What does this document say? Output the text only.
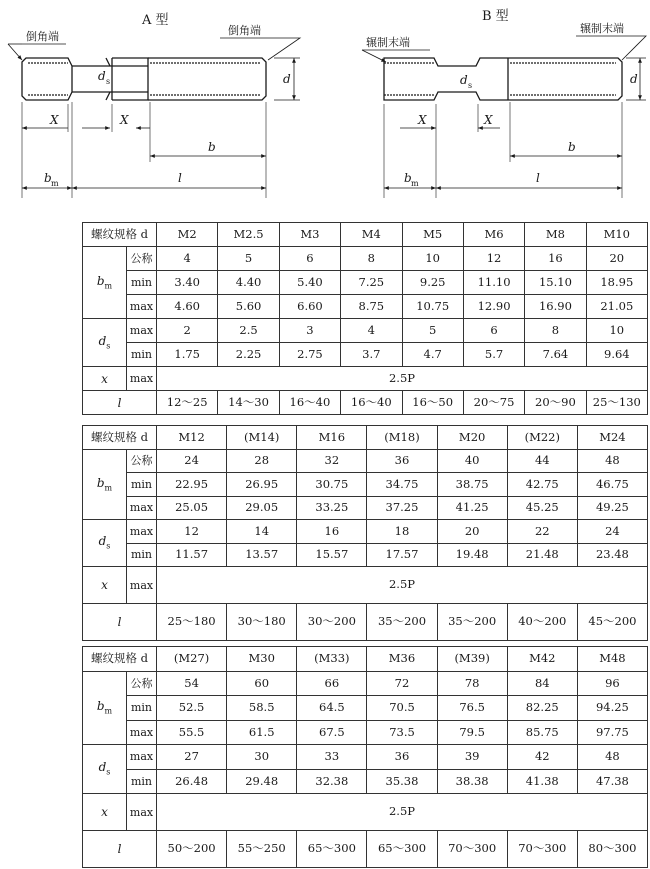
A 型
d
d s
倒角端	倒角端
X	X
b
b m	l
B 型
d
d s
辗制末端
辗制末端
X	X
b
b m	l
螺纹规格 d		M2	M2.5	M3	M4	M5	M6	M8	M10
$b_m$	公称	4	5	6	8	10	12	16	20
	min	3.40	4.40	5.40	7.25	9.25	11.10	15.10	18.95
	max	4.60	5.60	6.60	8.75	10.75	12.90	16.90	21.05
$d_s$	max	2	2.5	3	4	5	6	8	10
	min	1.75	2.25	2.75	3.7	4.7	5.7	7.64	9.64
x	max	2.5P							
l		12～25	14～30	16～40	16～40	16～50	20～75	20～90	25～130
螺纹规格 d		M12	(M14)	M16	(M18)	M20	(M22)	M24
$b_m$	公称	24	28	32	36	40	44	48
	min	22.95	26.95	30.75	34.75	38.75	42.75	46.75
	max	25.05	29.05	33.25	37.25	41.25	45.25	49.25
$d_s$	max	12	14	16	18	20	22	24
	min	11.57	13.57	15.57	17.57	19.48	21.48	23.48
x	max	2.5P						
l		25～180	30～180	30～200	35～200	35～200	40～200	45～200
螺纹规格 d		(M27)	M30	(M33)	M36	(M39)	M42	M48
$b_m$	公称	54	60	66	72	78	84	96
	min	52.5	58.5	64.5	70.5	76.5	82.25	94.25
	max	55.5	61.5	67.5	73.5	79.5	85.75	97.75
$d_s$	max	27	30	33	36	39	42	48
	min	26.48	29.48	32.38	35.38	38.38	41.38	47.38
x	max	2.5P						
l		50～200	55～250	65～300	65～300	70～300	70～300	80～300
